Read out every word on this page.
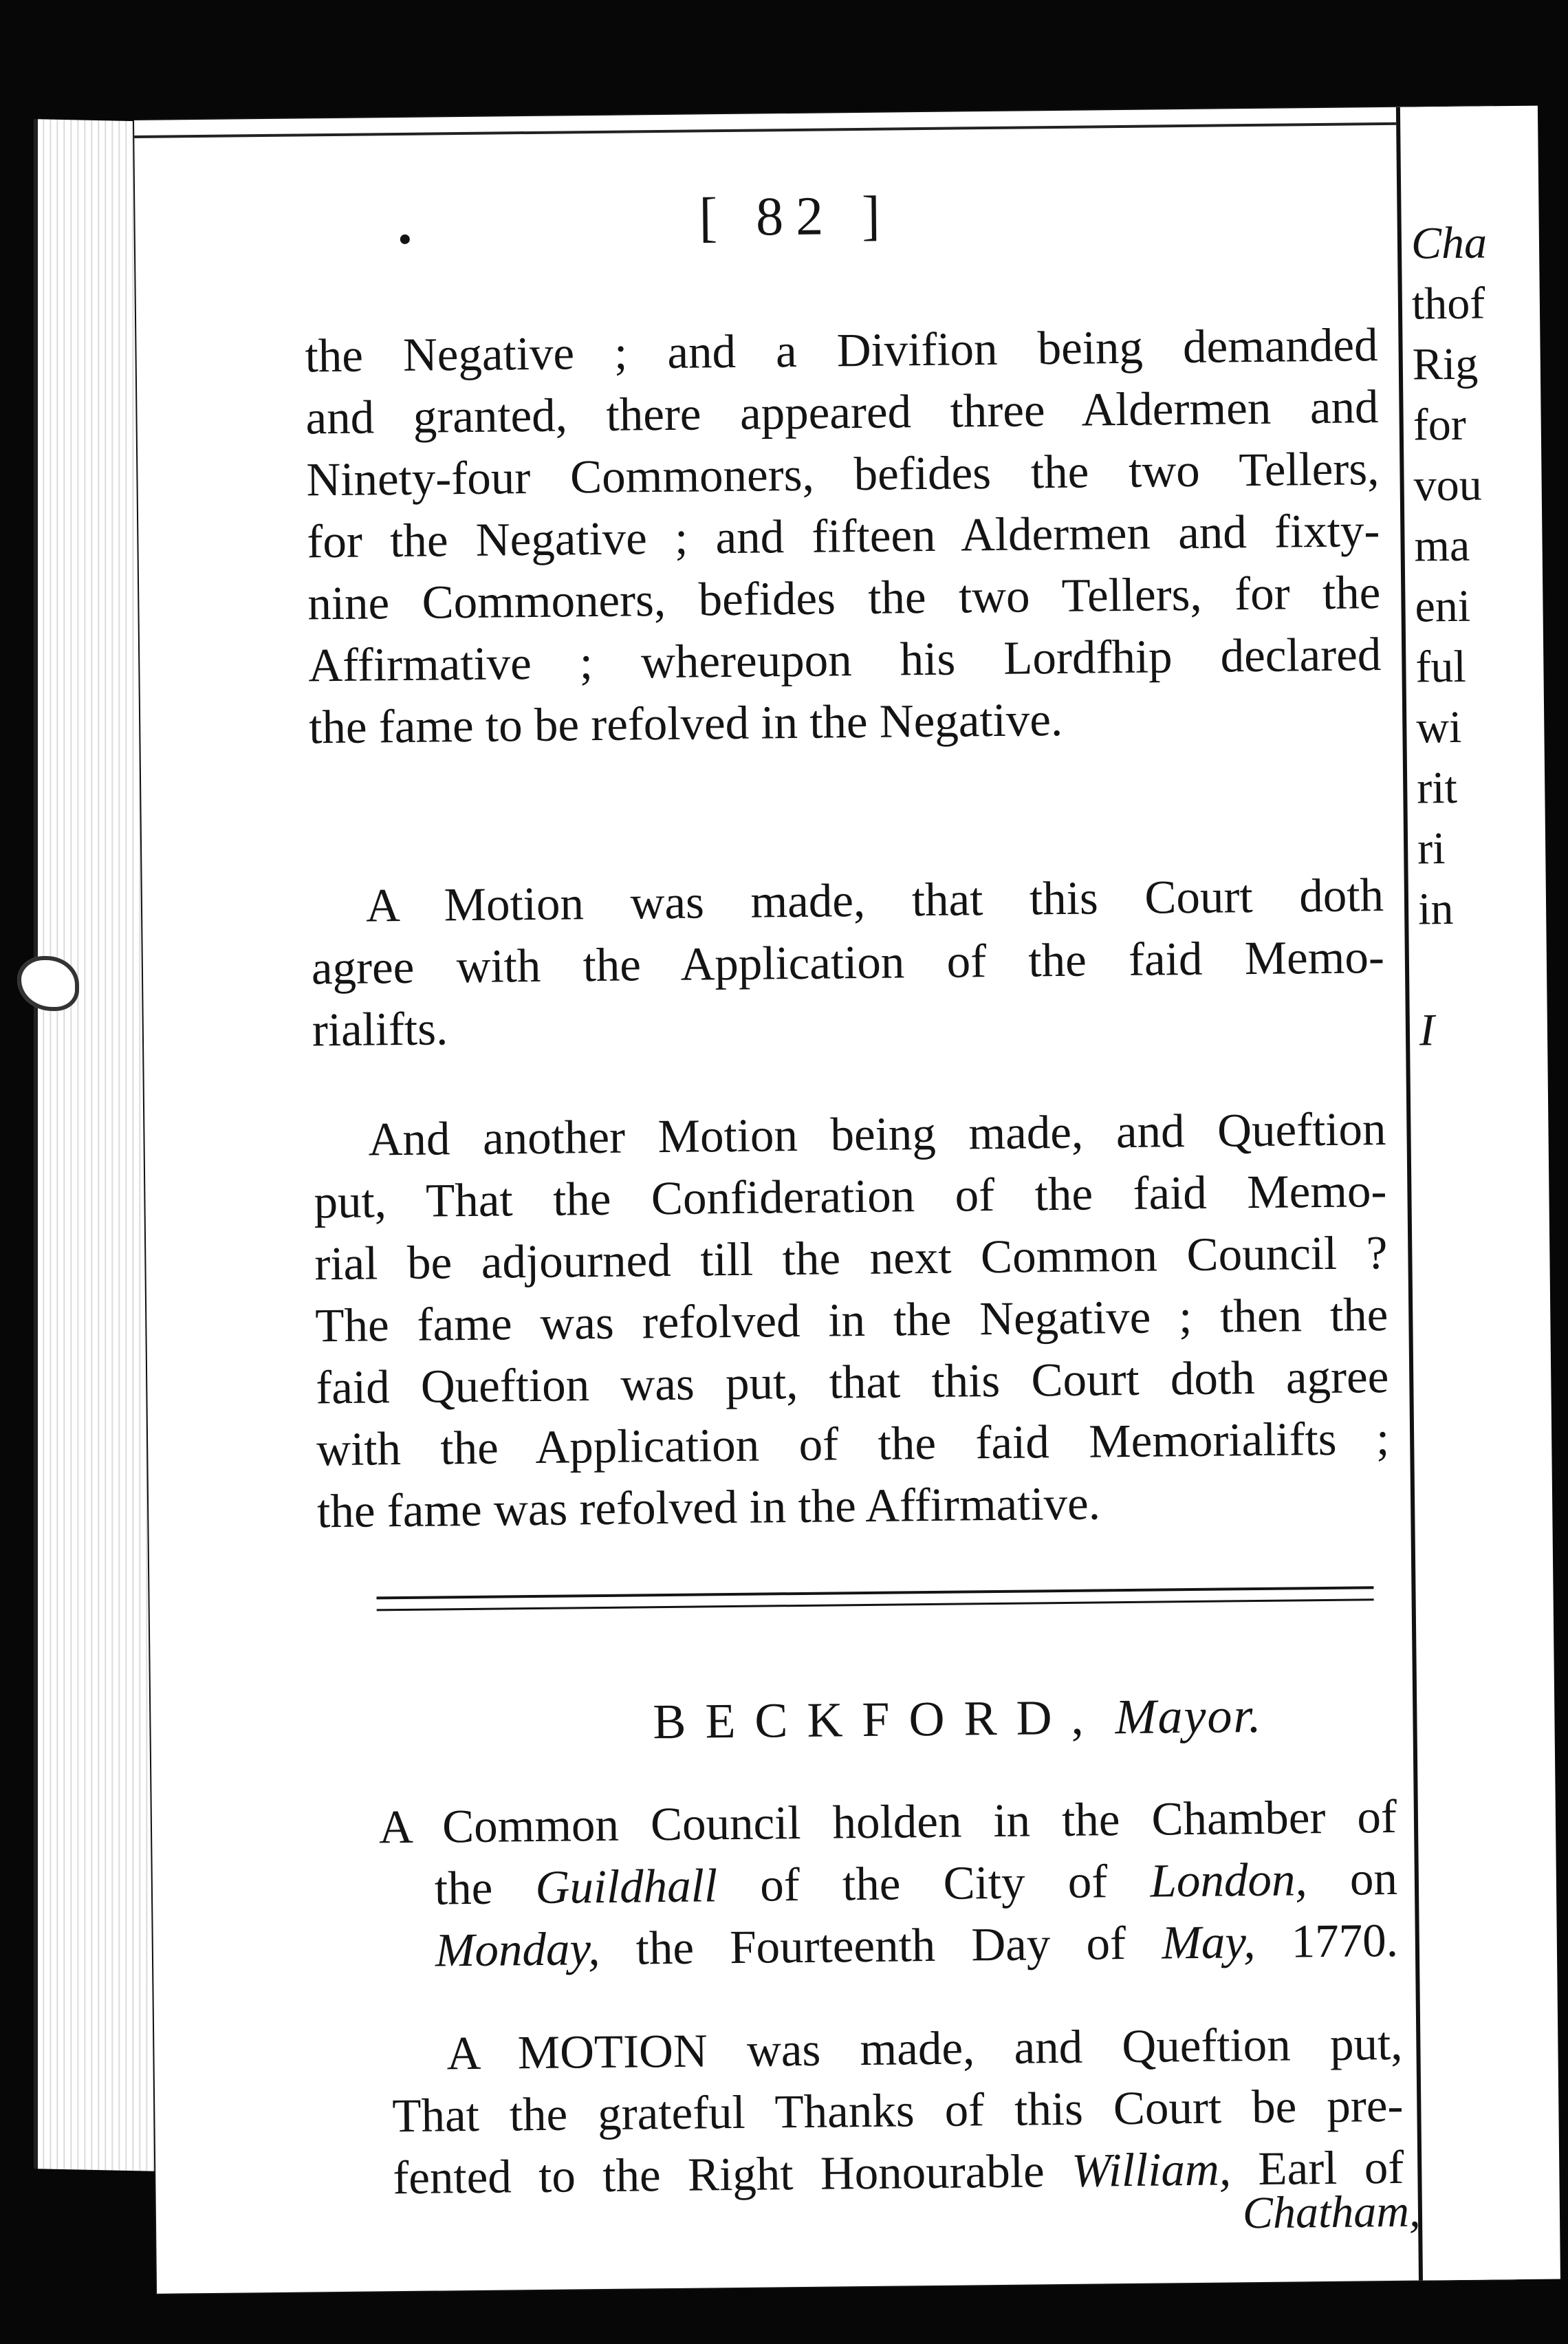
[ 82 ]
the Negative ; and a Divifion being demanded
and granted, there appeared three Aldermen and
Ninety-four Commoners, befides the two Tellers,
for the Negative ; and fifteen Aldermen and fixty-
nine Commoners, befides the two Tellers, for the
Affirmative ; whereupon his Lordfhip declared
the fame to be refolved in the Negative.
A Motion was made, that this Court doth
agree with the Application of the faid Memo-
rialifts.
And another Motion being made, and Queftion
put, That the Confideration of the faid Memo-
rial be adjourned till the next Common Council ?
The fame was refolved in the Negative ; then the
faid Queftion was put, that this Court doth agree
with the Application of the faid Memorialifts ;
the fame was refolved in the Affirmative.
BECKFORD, Mayor.
A Common Council holden in the Chamber of
the Guildhall of the City of London, on
Monday, the Fourteenth Day of May, 1770.
A MOTION was made, and Queftion put,
That the grateful Thanks of this Court be pre-
fented to the Right Honourable William, Earl of
Chatham,
Cha
thof
Rig
for
vou
ma
eni
ful
wi
rit
ri
in
I
